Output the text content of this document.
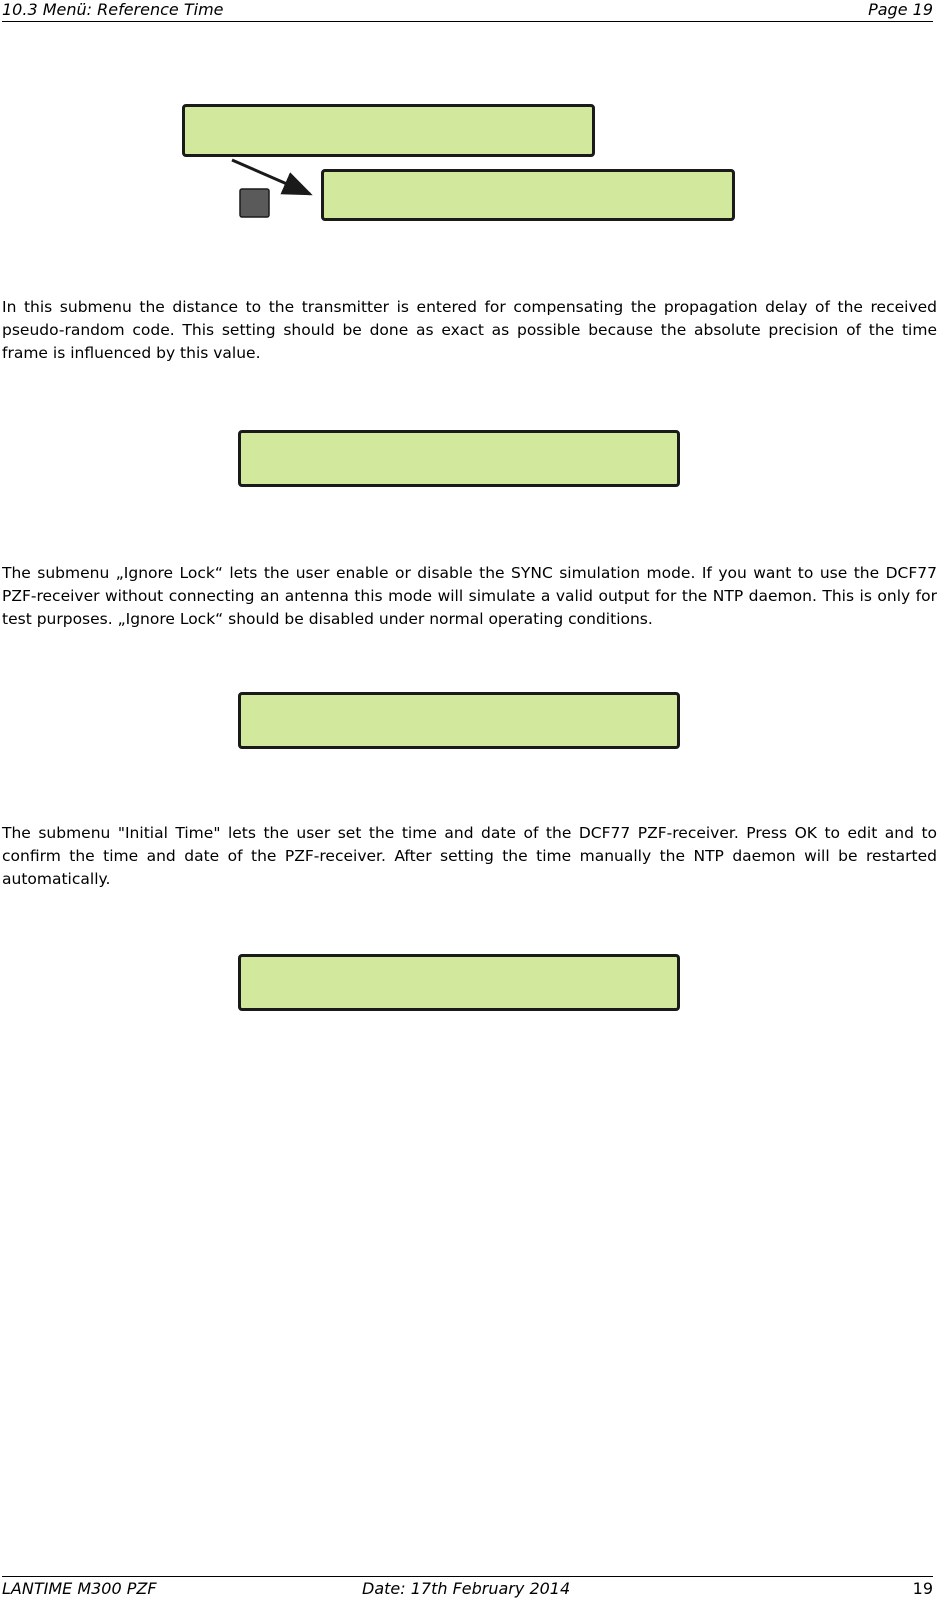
10.3 Menü: Reference Time	Page 19

In this submenu the distance to the transmitter is entered for compensating the propagation delay of the received pseudo-random code. This setting should be done as exact as possible because the absolute precision of the time frame is influenced by this value.

The submenu „Ignore Lock“ lets the user enable or disable the SYNC simulation mode. If you want to use the DCF77 PZF-receiver without connecting an antenna this mode will simulate a valid output for the NTP daemon. This is only for test purposes. „Ignore Lock“ should be disabled under normal operating conditions.

The submenu "Initial Time" lets the user set the time and date of the DCF77 PZF-receiver. Press OK to edit and to confirm the time and date of the PZF-receiver. After setting the time manually the NTP daemon will be restarted automatically.

LANTIME M300 PZF	Date: 17th February 2014	19
